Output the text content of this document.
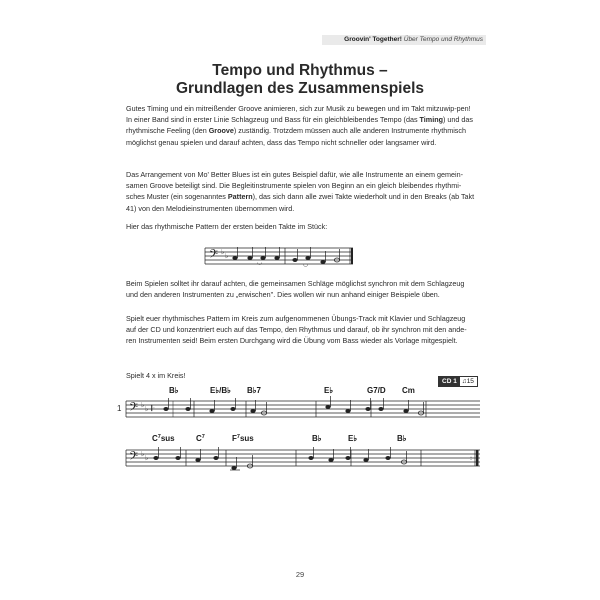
Groovin' Together! Über Tempo und Rhythmus
Tempo und Rhythmus –
Grundlagen des Zusammenspiels
Gutes Timing und ein mitreißender Groove animieren, sich zur Musik zu bewegen und im Takt mitzuwip-pen! In einer Band sind in erster Linie Schlagzeug und Bass für ein gleichbleibendes Tempo (das Timing) und das rhythmische Feeling (den Groove) zuständig. Trotzdem müssen auch alle anderen Instrumente rhythmisch möglichst genau spielen und darauf achten, dass das Tempo nicht schneller oder langsamer wird.
Das Arrangement von Mo' Better Blues ist ein gutes Beispiel dafür, wie alle Instrumente an einem gemein-samen Groove beteiligt sind. Die Begleitinstrumente spielen von Beginn an ein gleich bleibendes rhythmi-sches Muster (ein sogenanntes Pattern), das sich dann alle zwei Takte wiederholt und in den Breaks (ab Takt 41) von den Melodieinstrumenten übernommen wird.
Hier das rhythmische Pattern der ersten beiden Takte im Stück:
𝄢 ♭ ♭
◡	◡
Beim Spielen solltet ihr darauf achten, die gemeinsamen Schläge möglichst synchron mit dem Schlagzeug und den anderen Instrumenten zu „erwischen". Dies wollen wir nun anhand einiger Beispiele üben.
Spielt euer rhythmisches Pattern im Kreis zum aufgenommenen Übungs-Track mit Klavier und Schlagzeug auf der CD und konzentriert euch auf das Tempo, den Rhythmus und darauf, ob ihr synchron mit den ande-ren Instrumenten seid! Beim ersten Durchgang wird die Übung vom Bass wieder als Vorlage mitgespielt.
Spielt 4 x im Kreis!
CD 1 ♫15
B♭	E♭/B♭ B♭7	E♭	G7/D Cm
1 𝄢 ♭ ♭ 𝄆
$C^7sus$	$C^7$	$F^7sus$	B♭	E♭	B♭
:
𝄢 ♭ ♭
29
